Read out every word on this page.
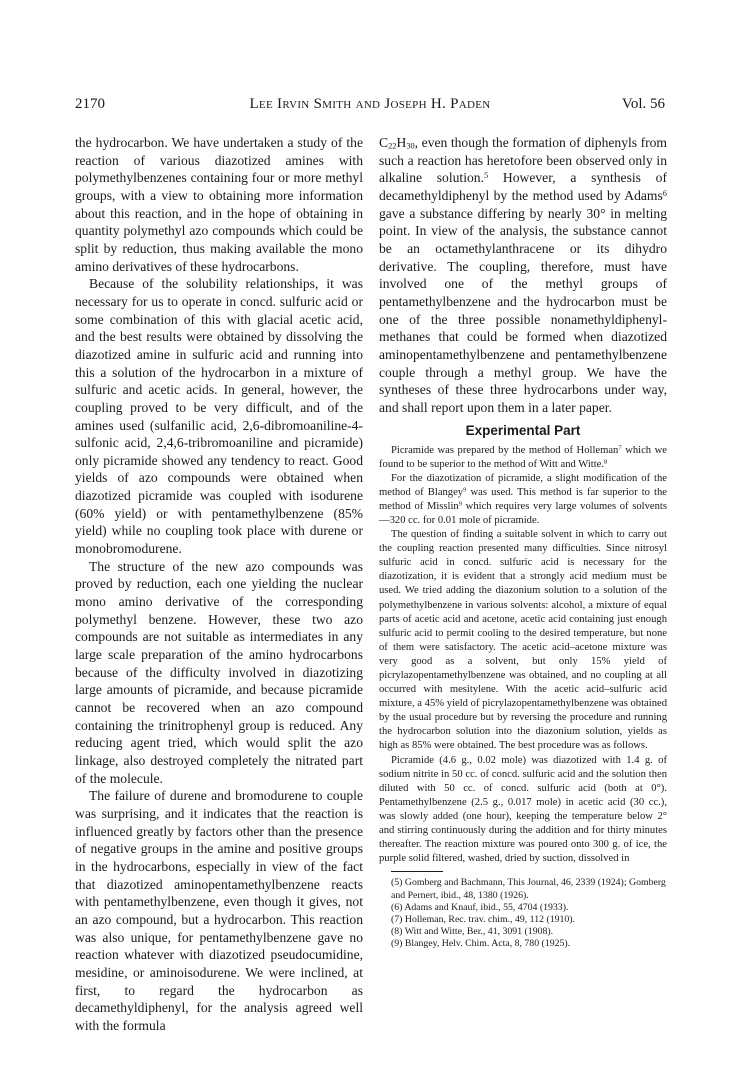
2170	Lee Irvin Smith and Joseph H. Paden	Vol. 56

the hydrocarbon. We have undertaken a study of the reaction of various diazotized amines with polymethylbenzenes containing four or more methyl groups, with a view to obtaining more information about this reaction, and in the hope of obtaining in quantity polymethyl azo compounds which could be split by reduction, thus making available the mono amino derivatives of these hydrocarbons.

Because of the solubility relationships, it was necessary for us to operate in concd. sulfuric acid or some combination of this with glacial acetic acid, and the best results were obtained by dissolving the diazotized amine in sulfuric acid and running into this a solution of the hydrocarbon in a mixture of sulfuric and acetic acids. In general, however, the coupling proved to be very difficult, and of the amines used (sulfanilic acid, 2,6-dibromoaniline-4-sulfonic acid, 2,4,6-tribromoaniline and picramide) only picramide showed any tendency to react. Good yields of azo compounds were obtained when diazotized picramide was coupled with isodurene (60% yield) or with pentamethylbenzene (85% yield) while no coupling took place with durene or monobromodurene.

The structure of the new azo compounds was proved by reduction, each one yielding the nuclear mono amino derivative of the corresponding polymethyl benzene. However, these two azo compounds are not suitable as intermediates in any large scale preparation of the amino hydrocarbons because of the difficulty involved in diazotizing large amounts of picramide, and because picramide cannot be recovered when an azo compound containing the trinitrophenyl group is reduced. Any reducing agent tried, which would split the azo linkage, also destroyed completely the nitrated part of the molecule.

The failure of durene and bromodurene to couple was surprising, and it indicates that the reaction is influenced greatly by factors other than the presence of negative groups in the amine and positive groups in the hydrocarbons, especially in view of the fact that diazotized aminopentamethylbenzene reacts with pentamethylbenzene, even though it gives, not an azo compound, but a hydrocarbon. This reaction was also unique, for pentamethylbenzene gave no reaction whatever with diazotized pseudocumidine, mesidine, or aminoisodurene. We were inclined, at first, to regard the hydrocarbon as decamethyldiphenyl, for the analysis agreed well with the formula

$C_{22}H_{30}$, even though the formation of diphenyls from such a reaction has heretofore been observed only in alkaline solution.$^5$ However, a synthesis of decamethyldiphenyl by the method used by Adams$^6$ gave a substance differing by nearly 30° in melting point. In view of the analysis, the substance cannot be an octamethylanthracene or its dihydro derivative. The coupling, therefore, must have involved one of the methyl groups of pentamethylbenzene and the hydrocarbon must be one of the three possible nonamethyldiphenylmethanes that could be formed when diazotized aminopentamethylbenzene and pentamethylbenzene couple through a methyl group. We have the syntheses of these three hydrocarbons under way, and shall report upon them in a later paper.

Experimental Part

Picramide was prepared by the method of Holleman$^7$ which we found to be superior to the method of Witt and Witte.$^8$

For the diazotization of picramide, a slight modification of the method of Blangey$^9$ was used. This method is far superior to the method of Misslin$^9$ which requires very large volumes of solvents—320 cc. for 0.01 mole of picramide.

The question of finding a suitable solvent in which to carry out the coupling reaction presented many difficulties. Since nitrosyl sulfuric acid in concd. sulfuric acid is necessary for the diazotization, it is evident that a strongly acid medium must be used. We tried adding the diazonium solution to a solution of the polymethylbenzene in various solvents: alcohol, a mixture of equal parts of acetic acid and acetone, acetic acid containing just enough sulfuric acid to permit cooling to the desired temperature, but none of them were satisfactory. The acetic acid–acetone mixture was very good as a solvent, but only 15% yield of picrylazopentamethylbenzene was obtained, and no coupling at all occurred with mesitylene. With the acetic acid–sulfuric acid mixture, a 45% yield of picrylazopentamethylbenzene was obtained by the usual procedure but by reversing the procedure and running the hydrocarbon solution into the diazonium solution, yields as high as 85% were obtained. The best procedure was as follows.

Picramide (4.6 g., 0.02 mole) was diazotized with 1.4 g. of sodium nitrite in 50 cc. of concd. sulfuric acid and the solution then diluted with 50 cc. of concd. sulfuric acid (both at 0°). Pentamethylbenzene (2.5 g., 0.017 mole) in acetic acid (30 cc.), was slowly added (one hour), keeping the temperature below 2° and stirring continuously during the addition and for thirty minutes thereafter. The reaction mixture was poured onto 300 g. of ice, the purple solid filtered, washed, dried by suction, dissolved in

(5) Gomberg and Bachmann, This Journal, 46, 2339 (1924); Gomberg and Pernert, ibid., 48, 1380 (1926).

(6) Adams and Knauf, ibid., 55, 4704 (1933).

(7) Holleman, Rec. trav. chim., 49, 112 (1910).

(8) Witt and Witte, Ber., 41, 3091 (1908).

(9) Blangey, Helv. Chim. Acta, 8, 780 (1925).
